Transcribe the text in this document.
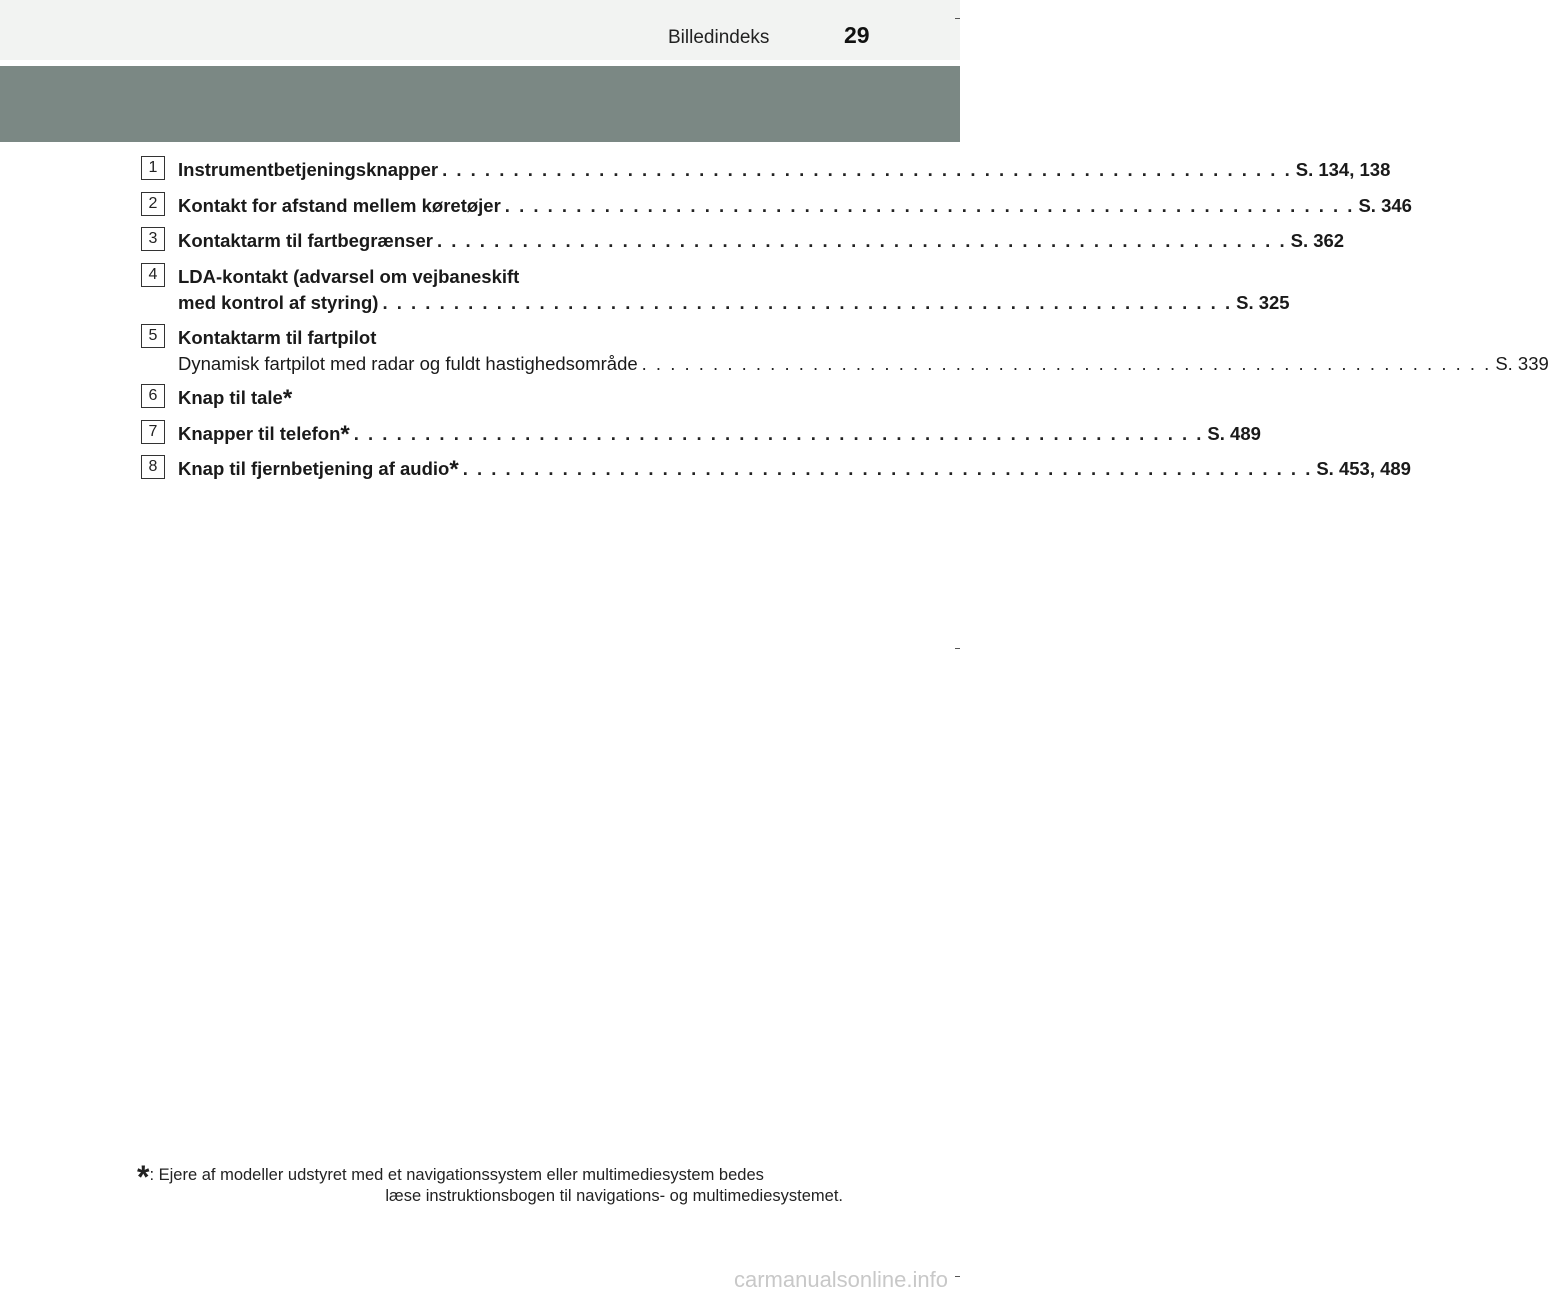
Billedindeks	29
1	Instrumentbetjeningsknapper . . . . . . . . . . . . . . . . . . . . . . . . . . . . . . . . . . . . . . . . . . . . . . . . . . . . . . . . . . . . S. 134, 138
2	Kontakt for afstand mellem køretøjer . . . . . . . . . . . . . . . . . . . . . . . . . . . . . . . . . . . . . . . . . . . . . . . . . . . . . . . . . . . . S. 346
3	Kontaktarm til fartbegrænser . . . . . . . . . . . . . . . . . . . . . . . . . . . . . . . . . . . . . . . . . . . . . . . . . . . . . . . . . . . . S. 362
4	LDA-kontakt (advarsel om vejbaneskift
med kontrol af styring) . . . . . . . . . . . . . . . . . . . . . . . . . . . . . . . . . . . . . . . . . . . . . . . . . . . . . . . . . . . . S. 325
5	Kontaktarm til fartpilot
Dynamisk fartpilot med radar og fuldt hastighedsområde . . . . . . . . . . . . . . . . . . . . . . . . . . . . . . . . . . . . . . . . . . . . . . . . . . . . . . . . . . . . S. 339
6	Knap til tale*
7	Knapper til telefon* . . . . . . . . . . . . . . . . . . . . . . . . . . . . . . . . . . . . . . . . . . . . . . . . . . . . . . . . . . . . S. 489
8	Knap til fjernbetjening af audio* . . . . . . . . . . . . . . . . . . . . . . . . . . . . . . . . . . . . . . . . . . . . . . . . . . . . . . . . . . . . S. 453, 489
*: Ejere af modeller udstyret med et navigationssystem eller multimediesystem bedes
læse instruktionsbogen til navigations- og multimediesystemet.
carmanualsonline.info
